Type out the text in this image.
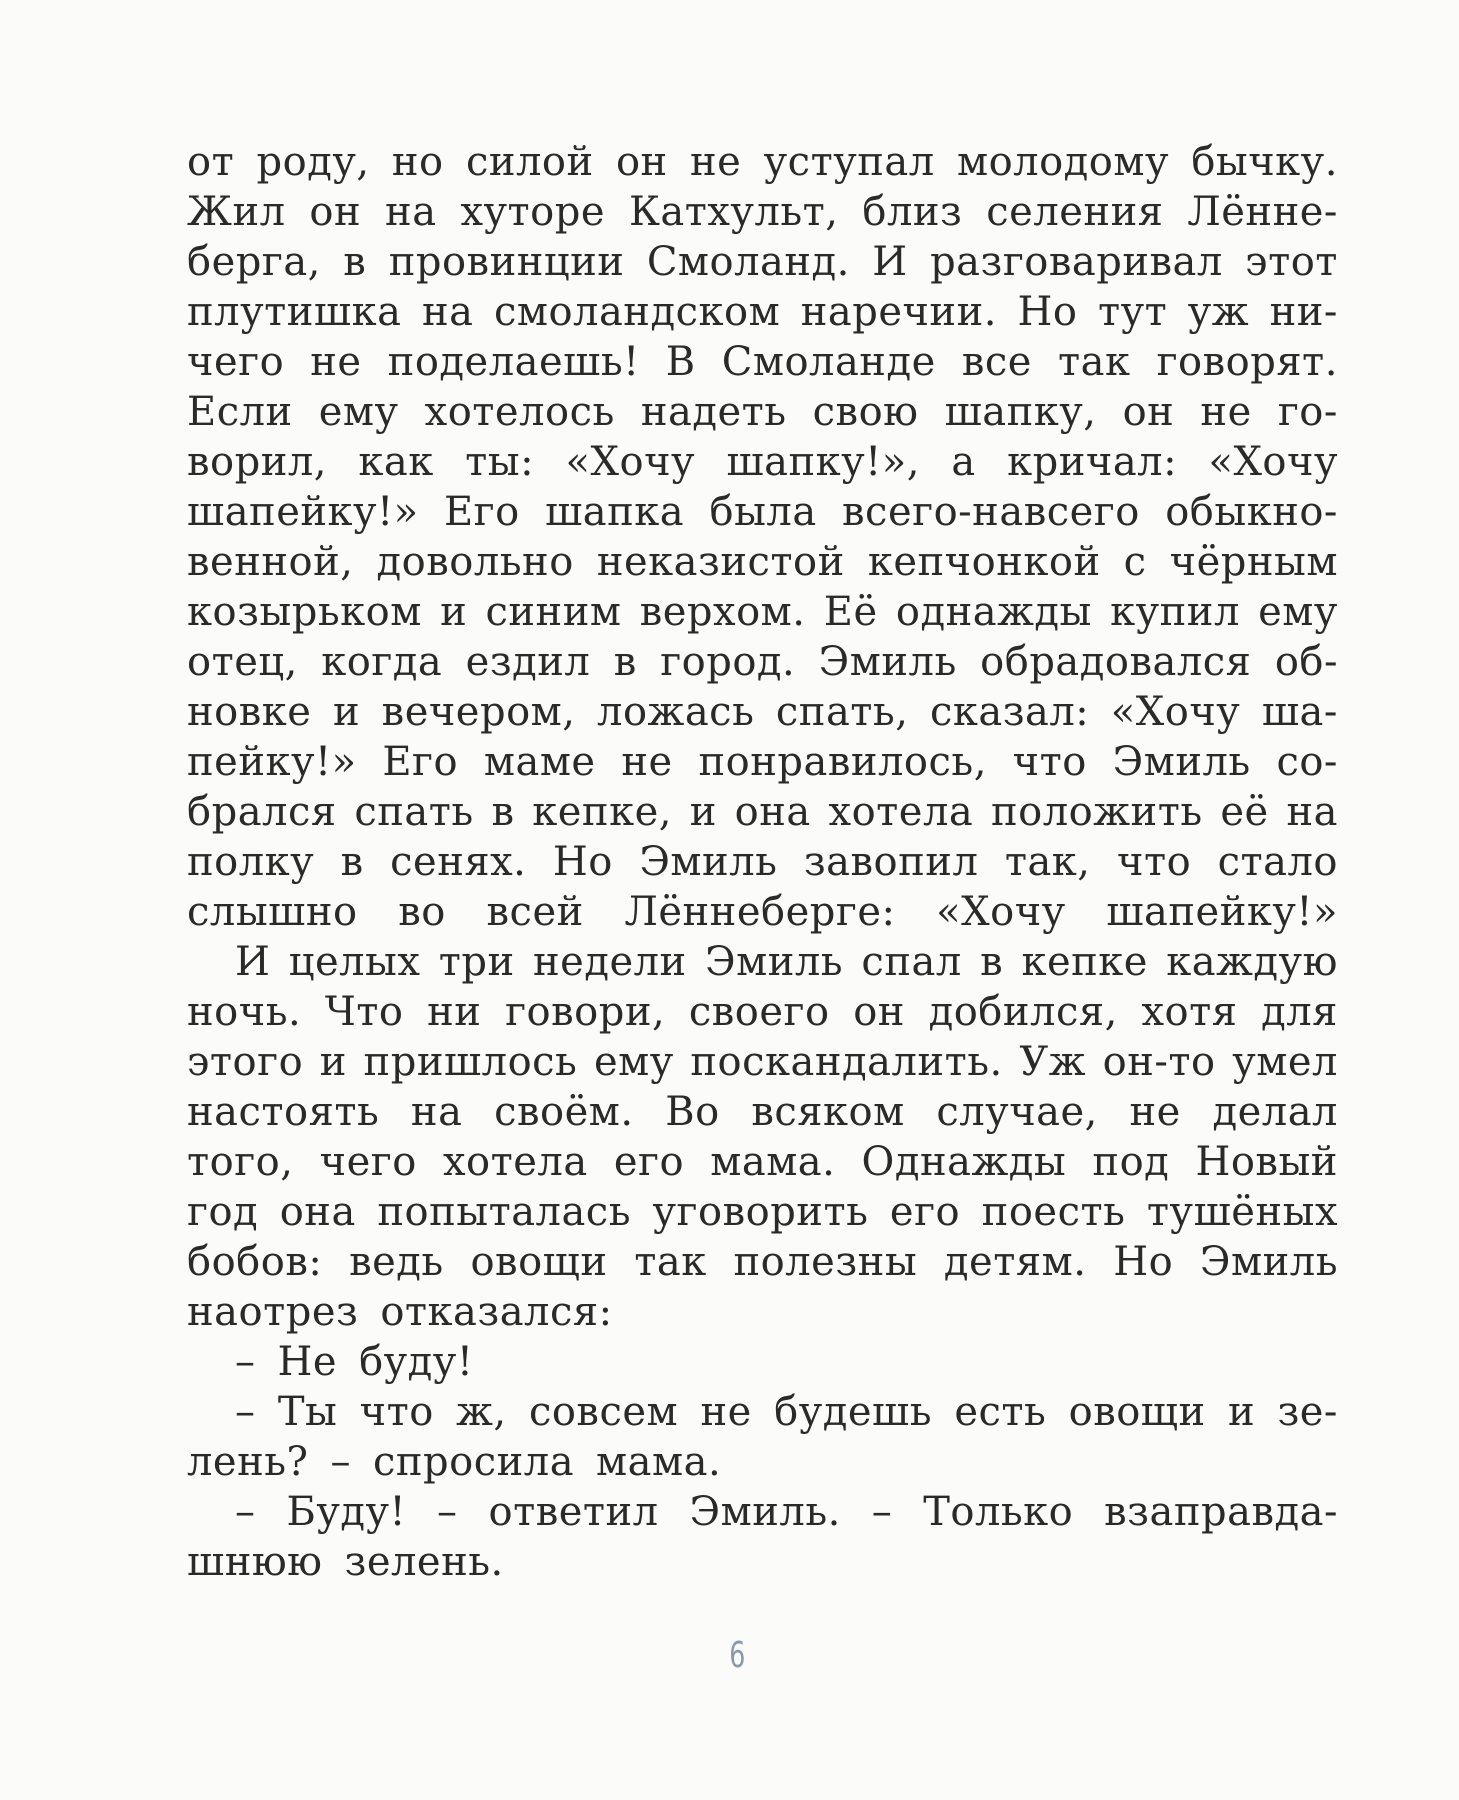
от роду, но силой он не уступал молодому бычку.
Жил он на хуторе Катхульт, близ селения Лённе-
берга, в провинции Смоланд. И разговаривал этот
плутишка на смоландском наречии. Но тут уж ни-
чего не поделаешь! В Смоланде все так говорят.
Если ему хотелось надеть свою шапку, он не го-
ворил, как ты: «Хочу шапку!», а кричал: «Хочу
шапейку!» Его шапка была всего-навсего обыкно-
венной, довольно неказистой кепчонкой с чёрным
козырьком и синим верхом. Её однажды купил ему
отец, когда ездил в город. Эмиль обрадовался об-
новке и вечером, ложась спать, сказал: «Хочу ша-
пейку!» Его маме не понравилось, что Эмиль со-
брался спать в кепке, и она хотела положить её на
полку в сенях. Но Эмиль завопил так, что стало
слышно во всей Лённеберге: «Хочу шапейку!»
И целых три недели Эмиль спал в кепке каждую
ночь. Что ни говори, своего он добился, хотя для
этого и пришлось ему поскандалить. Уж он-то умел
настоять на своём. Во всяком случае, не делал
того, чего хотела его мама. Однажды под Новый
год она попыталась уговорить его поесть тушёных
бобов: ведь овощи так полезны детям. Но Эмиль
наотрез отказался:
– Не буду!
– Ты что ж, совсем не будешь есть овощи и зе-
лень? – спросила мама.
– Буду! – ответил Эмиль. – Только взаправда-
шнюю зелень.
6
